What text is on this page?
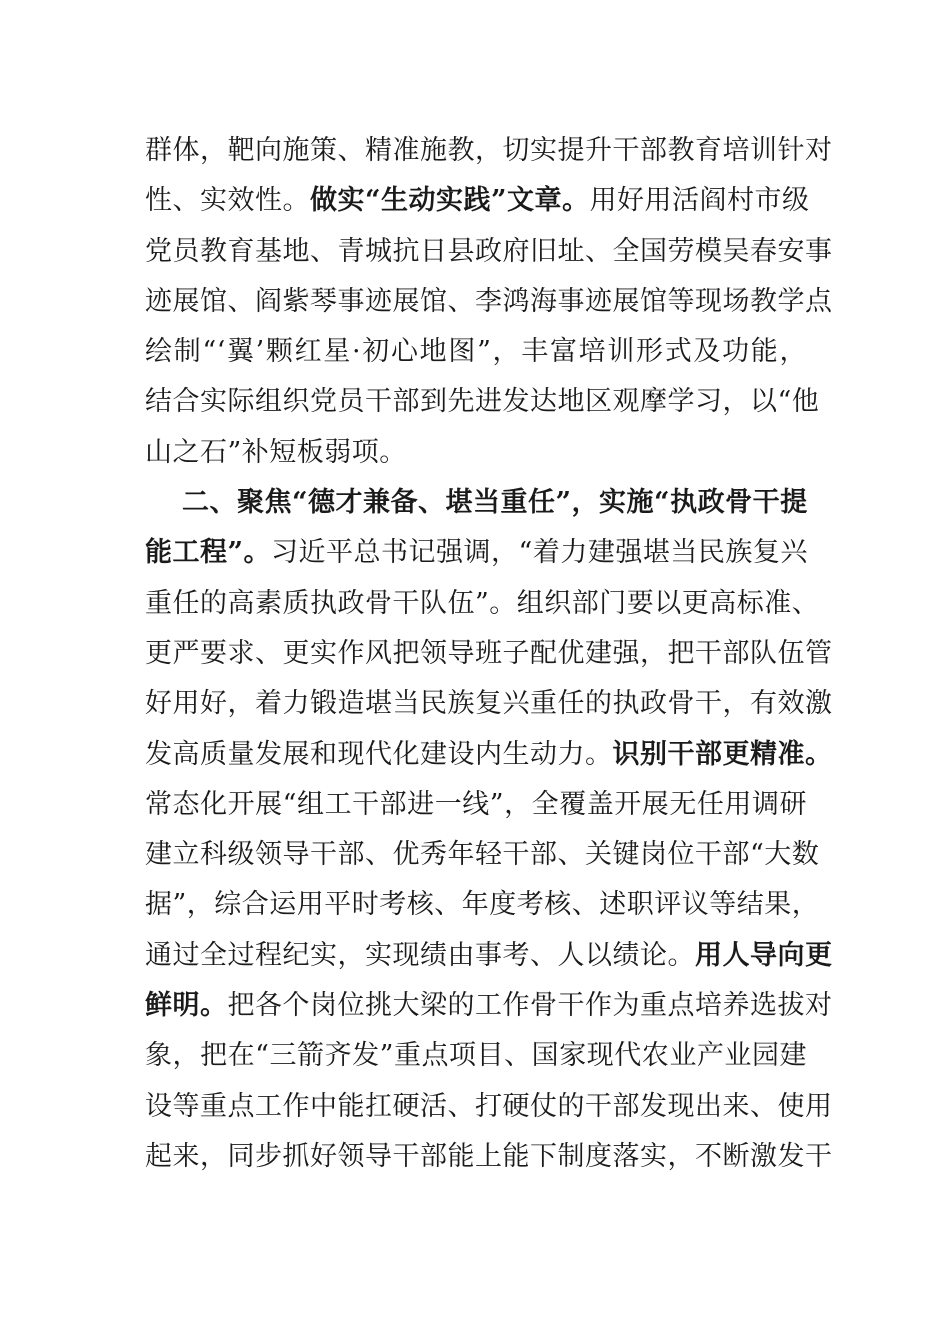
群体，靶向施策、精准施教，切实提升干部教育培训针对
性、实效性。做实“生动实践”文章。用好用活阎村市级
党员教育基地、青城抗日县政府旧址、全国劳模吴春安事
迹展馆、阎紫琴事迹展馆、李鸿海事迹展馆等现场教学点
绘制“‘翼’颗红星·初心地图”，丰富培训形式及功能，
结合实际组织党员干部到先进发达地区观摩学习，以“他
山之石”补短板弱项。
二、聚焦“德才兼备、堪当重任”，实施“执政骨干提
能工程”。习近平总书记强调，“着力建强堪当民族复兴
重任的高素质执政骨干队伍”。组织部门要以更高标准、
更严要求、更实作风把领导班子配优建强，把干部队伍管
好用好，着力锻造堪当民族复兴重任的执政骨干，有效激
发高质量发展和现代化建设内生动力。识别干部更精准。
常态化开展“组工干部进一线”，全覆盖开展无任用调研
建立科级领导干部、优秀年轻干部、关键岗位干部“大数
据”，综合运用平时考核、年度考核、述职评议等结果，
通过全过程纪实，实现绩由事考、人以绩论。用人导向更
鲜明。把各个岗位挑大梁的工作骨干作为重点培养选拔对
象，把在“三箭齐发”重点项目、国家现代农业产业园建
设等重点工作中能扛硬活、打硬仗的干部发现出来、使用
起来，同步抓好领导干部能上能下制度落实，不断激发干
